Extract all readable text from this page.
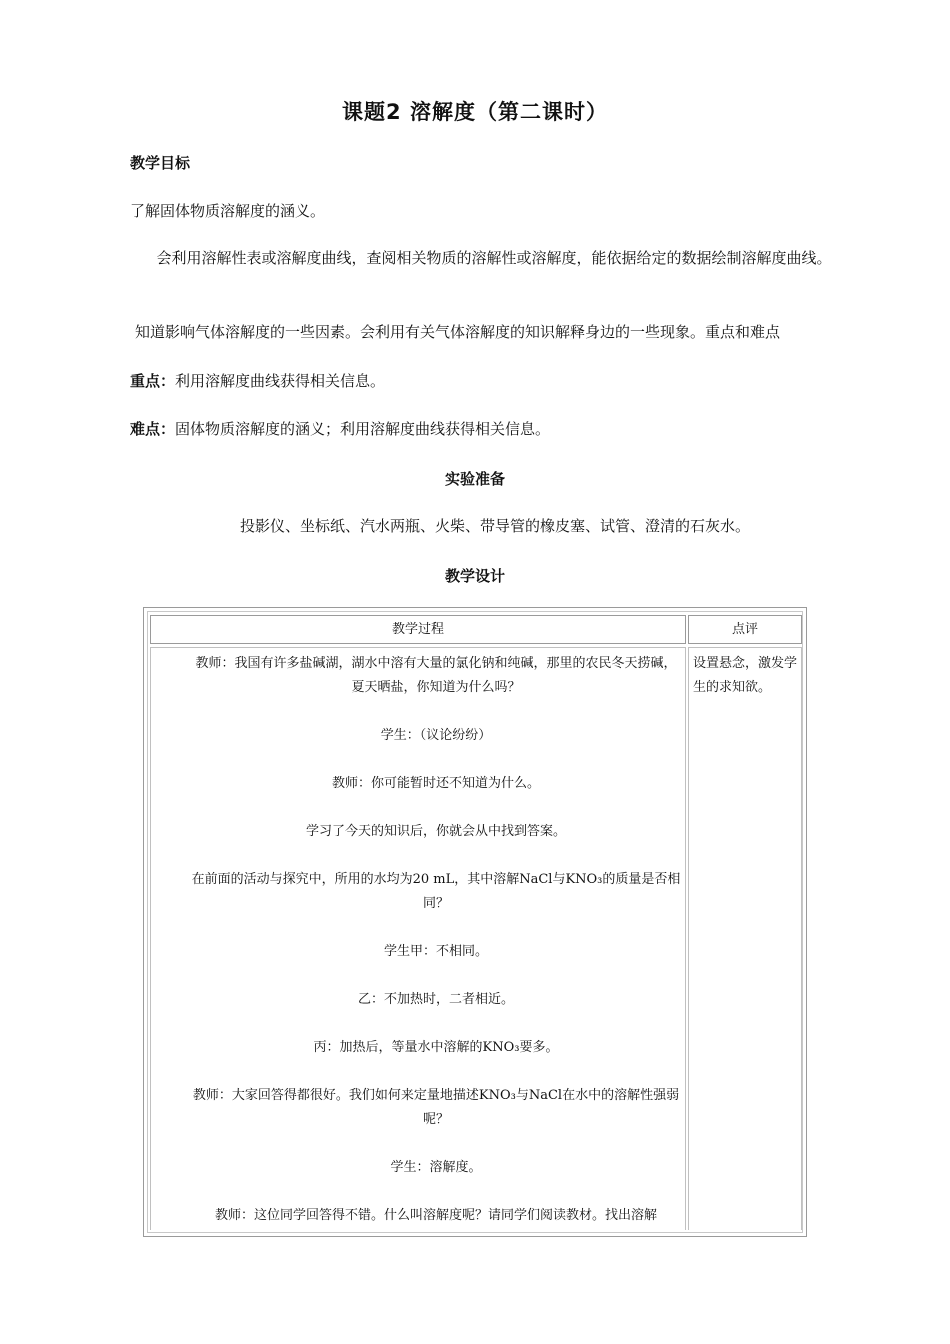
课题2 溶解度（第二课时）
教学目标
了解固体物质溶解度的涵义。
会利用溶解性表或溶解度曲线，查阅相关物质的溶解性或溶解度，能依据给定的数据绘制溶解度曲线。
知道影响气体溶解度的一些因素。会利用有关气体溶解度的知识解释身边的一些现象。重点和难点
重点：利用溶解度曲线获得相关信息。
难点：固体物质溶解度的涵义；利用溶解度曲线获得相关信息。
实验准备
投影仪、坐标纸、汽水两瓶、火柴、带导管的橡皮塞、试管、澄清的石灰水。
教学设计
教学过程	点评
教师：我国有许多盐碱湖，湖水中溶有大量的氯化钠和纯碱，那里的农民冬天捞碱，夏天晒盐，你知道为什么吗？
学生：（议论纷纷）
教师：你可能暂时还不知道为什么。
学习了今天的知识后，你就会从中找到答案。
在前面的活动与探究中，所用的水均为20 mL，其中溶解NaCl与KNO₃的质量是否相同？
学生甲：不相同。
乙：不加热时，二者相近。
丙：加热后，等量水中溶解的KNO₃要多。
教师：大家回答得都很好。我们如何来定量地描述KNO₃与NaCl在水中的溶解性强弱呢？
学生：溶解度。
教师：这位同学回答得不错。什么叫溶解度呢？请同学们阅读教材。找出溶解
设置悬念，激发学生的求知欲。
